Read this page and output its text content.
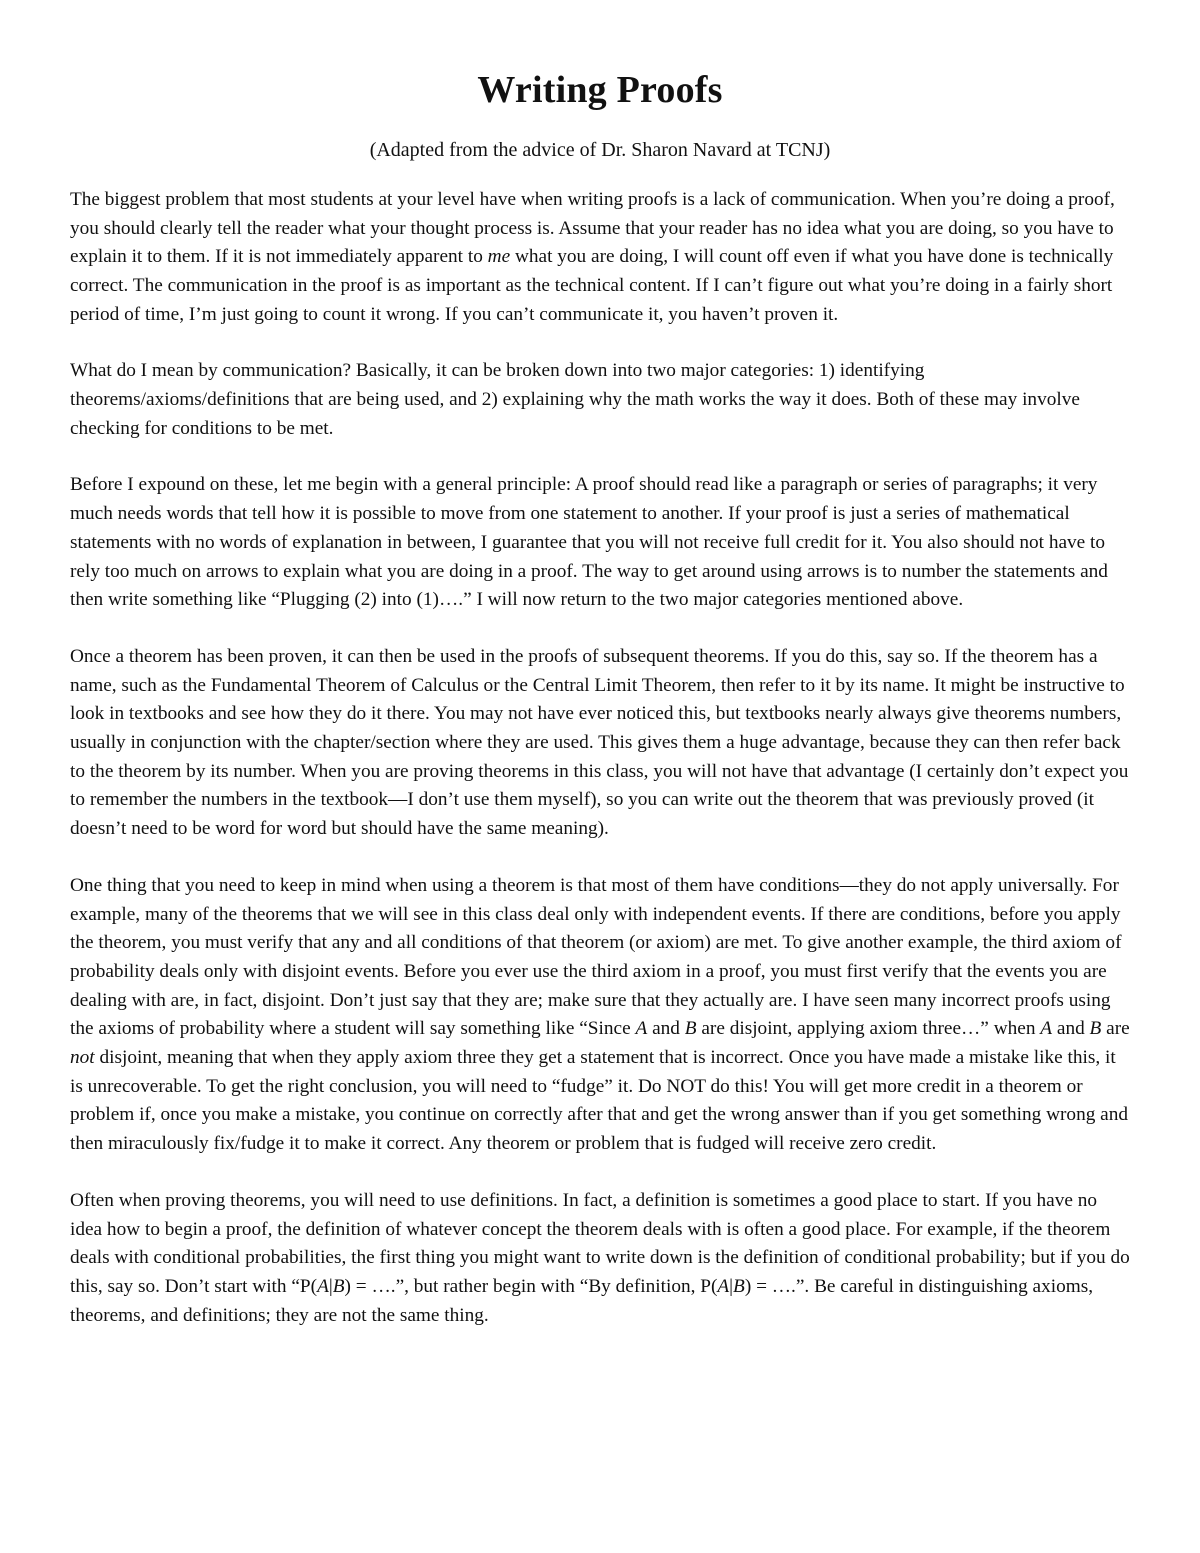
Writing Proofs
(Adapted from the advice of Dr. Sharon Navard at TCNJ)

The biggest problem that most students at your level have when writing proofs is a lack of communication. When you’re doing a proof, you should clearly tell the reader what your thought process is. Assume that your reader has no idea what you are doing, so you have to explain it to them. If it is not immediately apparent to me what you are doing, I will count off even if what you have done is technically correct. The communication in the proof is as important as the technical content. If I can’t figure out what you’re doing in a fairly short period of time, I’m just going to count it wrong. If you can’t communicate it, you haven’t proven it.

What do I mean by communication? Basically, it can be broken down into two major categories: 1) identifying theorems/axioms/definitions that are being used, and 2) explaining why the math works the way it does. Both of these may involve checking for conditions to be met.

Before I expound on these, let me begin with a general principle: A proof should read like a paragraph or series of paragraphs; it very much needs words that tell how it is possible to move from one statement to another. If your proof is just a series of mathematical statements with no words of explanation in between, I guarantee that you will not receive full credit for it. You also should not have to rely too much on arrows to explain what you are doing in a proof. The way to get around using arrows is to number the statements and then write something like “Plugging (2) into (1)….” I will now return to the two major categories mentioned above.

Once a theorem has been proven, it can then be used in the proofs of subsequent theorems. If you do this, say so. If the theorem has a name, such as the Fundamental Theorem of Calculus or the Central Limit Theorem, then refer to it by its name. It might be instructive to look in textbooks and see how they do it there. You may not have ever noticed this, but textbooks nearly always give theorems numbers, usually in conjunction with the chapter/section where they are used. This gives them a huge advantage, because they can then refer back to the theorem by its number. When you are proving theorems in this class, you will not have that advantage (I certainly don’t expect you to remember the numbers in the textbook—I don’t use them myself), so you can write out the theorem that was previously proved (it doesn’t need to be word for word but should have the same meaning).

One thing that you need to keep in mind when using a theorem is that most of them have conditions—they do not apply universally. For example, many of the theorems that we will see in this class deal only with independent events. If there are conditions, before you apply the theorem, you must verify that any and all conditions of that theorem (or axiom) are met. To give another example, the third axiom of probability deals only with disjoint events. Before you ever use the third axiom in a proof, you must first verify that the events you are dealing with are, in fact, disjoint. Don’t just say that they are; make sure that they actually are. I have seen many incorrect proofs using the axioms of probability where a student will say something like “Since A and B are disjoint, applying axiom three…” when A and B are not disjoint, meaning that when they apply axiom three they get a statement that is incorrect. Once you have made a mistake like this, it is unrecoverable. To get the right conclusion, you will need to “fudge” it. Do NOT do this! You will get more credit in a theorem or problem if, once you make a mistake, you continue on correctly after that and get the wrong answer than if you get something wrong and then miraculously fix/fudge it to make it correct. Any theorem or problem that is fudged will receive zero credit.

Often when proving theorems, you will need to use definitions. In fact, a definition is sometimes a good place to start. If you have no idea how to begin a proof, the definition of whatever concept the theorem deals with is often a good place. For example, if the theorem deals with conditional probabilities, the first thing you might want to write down is the definition of conditional probability; but if you do this, say so. Don’t start with “P(A|B) = ….”, but rather begin with “By definition, P(A|B) = ….”. Be careful in distinguishing axioms, theorems, and definitions; they are not the same thing.
